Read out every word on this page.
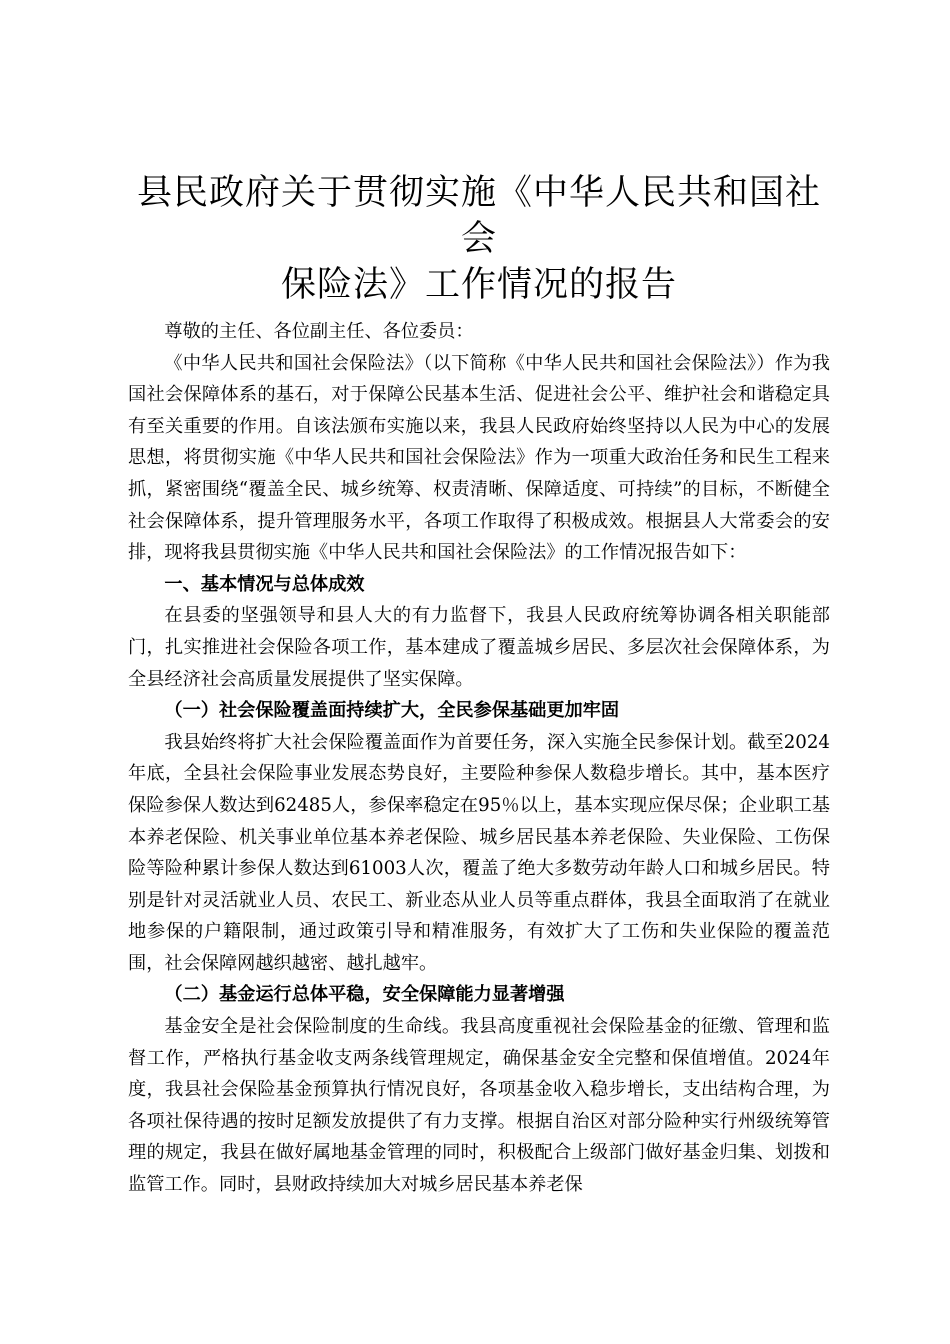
县民政府关于贯彻实施《中华人民共和国社会
保险法》工作情况的报告

尊敬的主任、各位副主任、各位委员：

《中华人民共和国社会保险法》（以下简称《中华人民共和国社会保险法》）作为我国社会保障体系的基石，对于保障公民基本生活、促进社会公平、维护社会和谐稳定具有至关重要的作用。自该法颁布实施以来，我县人民政府始终坚持以人民为中心的发展思想，将贯彻实施《中华人民共和国社会保险法》作为一项重大政治任务和民生工程来抓，紧密围绕“覆盖全民、城乡统筹、权责清晰、保障适度、可持续”的目标，不断健全社会保障体系，提升管理服务水平，各项工作取得了积极成效。根据县人大常委会的安排，现将我县贯彻实施《中华人民共和国社会保险法》的工作情况报告如下：

一、基本情况与总体成效

在县委的坚强领导和县人大的有力监督下，我县人民政府统筹协调各相关职能部门，扎实推进社会保险各项工作，基本建成了覆盖城乡居民、多层次社会保障体系，为全县经济社会高质量发展提供了坚实保障。

（一）社会保险覆盖面持续扩大，全民参保基础更加牢固

我县始终将扩大社会保险覆盖面作为首要任务，深入实施全民参保计划。截至2024年底，全县社会保险事业发展态势良好，主要险种参保人数稳步增长。其中，基本医疗保险参保人数达到62485人，参保率稳定在95％以上，基本实现应保尽保；企业职工基本养老保险、机关事业单位基本养老保险、城乡居民基本养老保险、失业保险、工伤保险等险种累计参保人数达到61003人次，覆盖了绝大多数劳动年龄人口和城乡居民。特别是针对灵活就业人员、农民工、新业态从业人员等重点群体，我县全面取消了在就业地参保的户籍限制，通过政策引导和精准服务，有效扩大了工伤和失业保险的覆盖范围，社会保障网越织越密、越扎越牢。

（二）基金运行总体平稳，安全保障能力显著增强

基金安全是社会保险制度的生命线。我县高度重视社会保险基金的征缴、管理和监督工作，严格执行基金收支两条线管理规定，确保基金安全完整和保值增值。2024年度，我县社会保险基金预算执行情况良好，各项基金收入稳步增长，支出结构合理，为各项社保待遇的按时足额发放提供了有力支撑。根据自治区对部分险种实行州级统筹管理的规定，我县在做好属地基金管理的同时，积极配合上级部门做好基金归集、划拨和监管工作。同时，县财政持续加大对城乡居民基本养老保
